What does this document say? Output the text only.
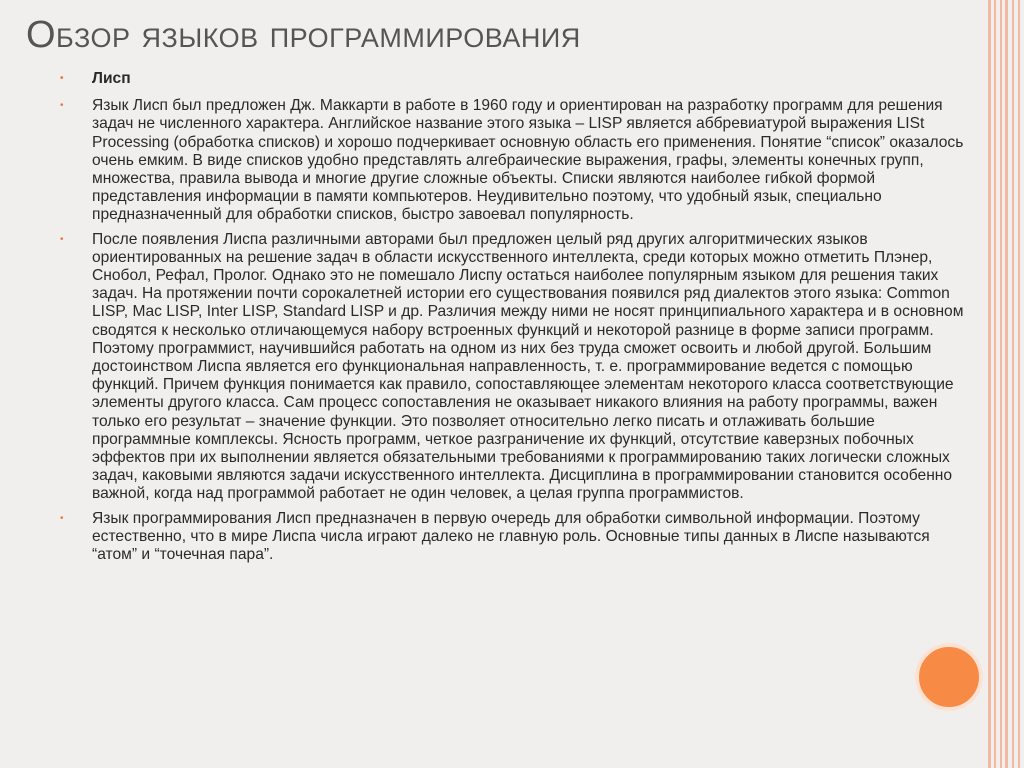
Обзор языков программирования
• Лисп
• Язык Лисп был предложен Дж. Маккарти в работе в 1960 году и ориентирован на разработку программ для решения задач не численного характера. Английское название этого языка – LISP является аббревиатурой выражения LISt Processing (обработка списков) и хорошо подчеркивает основную область его применения. Понятие “список” оказалось очень емким. В виде списков удобно представлять алгебраические выражения, графы, элементы конечных групп, множества, правила вывода и многие другие сложные объекты. Списки являются наиболее гибкой формой представления информации в памяти компьютеров. Неудивительно поэтому, что удобный язык, специально предназначенный для обработки списков, быстро завоевал популярность.
• После появления Лиспа различными авторами был предложен целый ряд других алгоритмических языков ориентированных на решение задач в области искусственного интеллекта, среди которых можно отметить Плэнер, Снобол, Рефал, Пролог. Однако это не помешало Лиспу остаться наиболее популярным языком для решения таких задач. На протяжении почти сорокалетней истории его существования появился ряд диалектов этого языка: Common LISP, Mac LISP, Inter LISP, Standard LISP и др. Различия между ними не носят принципиального характера и в основном сводятся к несколько отличающемуся набору встроенных функций и некоторой разнице в форме записи программ. Поэтому программист, научившийся работать на одном из них без труда сможет освоить и любой другой. Большим достоинством Лиспа является его функциональная направленность, т. е. программирование ведется с помощью функций. Причем функция понимается как правило, сопоставляющее элементам некоторого класса соответствующие элементы другого класса. Сам процесс сопоставления не оказывает никакого влияния на работу программы, важен только его результат – значение функции. Это позволяет относительно легко писать и отлаживать большие программные комплексы. Ясность программ, четкое разграничение их функций, отсутствие каверзных побочных эффектов при их выполнении является обязательными требованиями к программированию таких логически сложных задач, каковыми являются задачи искусственного интеллекта. Дисциплина в программировании становится особенно важной, когда над программой работает не один человек, а целая группа программистов.
• Язык программирования Лисп предназначен в первую очередь для обработки символьной информации. Поэтому естественно, что в мире Лиспа числа играют далеко не главную роль. Основные типы данных в Лиспе называются “атом” и “точечная пара”.
